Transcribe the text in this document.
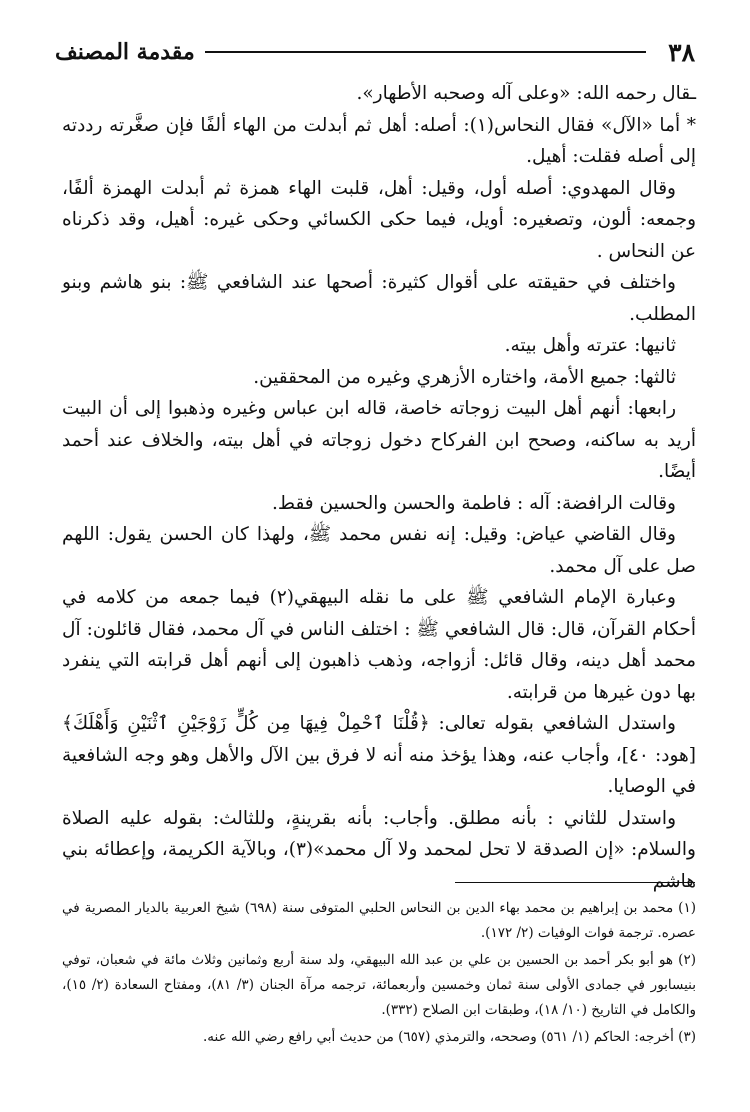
٣٨
مقدمة المصنف

ـقال رحمه الله: «وعلى آله وصحبه الأطهار».

* أما «الآل» فقال النحاس(١): أصله: أهل ثم أبدلت من الهاء ألفًا فإن صغَّرته رددته إلى أصله فقلت: أهيل.

وقال المهدوي: أصله أول، وقيل: أهل، قلبت الهاء همزة ثم أبدلت الهمزة ألفًا، وجمعه: ألون، وتصغيره: أويل، فيما حكى الكسائي وحكى غيره: أهيل، وقد ذكرناه عن النحاس .

واختلف في حقيقته على أقوال كثيرة: أصحها عند الشافعي ﷺ: بنو هاشم وبنو المطلب.

ثانيها: عترته وأهل بيته.

ثالثها: جميع الأمة، واختاره الأزهري وغيره من المحققين.

رابعها: أنهم أهل البيت زوجاته خاصة، قاله ابن عباس وغيره وذهبوا إلى أن البيت أريد به ساكنه، وصحح ابن الفركاح دخول زوجاته في أهل بيته، والخلاف عند أحمد أيضًا.

وقالت الرافضة: آله : فاطمة والحسن والحسين فقط.

وقال القاضي عياض: وقيل: إنه نفس محمد ﷺ، ولهذا كان الحسن يقول: اللهم صل على آل محمد.

وعبارة الإمام الشافعي ﷺ على ما نقله البيهقي(٢) فيما جمعه من كلامه في أحكام القرآن، قال: قال الشافعي ﷺ : اختلف الناس في آل محمد، فقال قائلون: آل محمد أهل دينه، وقال قائل: أزواجه، وذهب ذاهبون إلى أنهم أهل قرابته التي ينفرد بها دون غيرها من قرابته.

واستدل الشافعي بقوله تعالى: ﴿قُلْنَا ٱحْمِلْ فِيهَا مِن كُلٍّ زَوْجَيْنِ ٱثْنَيْنِ وَأَهْلَكَ﴾ [هود: ٤٠]، وأجاب عنه، وهذا يؤخذ منه أنه لا فرق بين الآل والأهل وهو وجه الشافعية في الوصايا.

واستدل للثاني : بأنه مطلق. وأجاب: بأنه بقرينةٍ، وللثالث: بقوله عليه الصلاة والسلام: «إن الصدقة لا تحل لمحمد ولا آل محمد»(٣)، وبالآية الكريمة، وإعطائه بني هاشم

(١) محمد بن إبراهيم بن محمد بهاء الدين بن النحاس الحلبي المتوفى سنة (٦٩٨) شيخ العربية بالديار المصرية في عصره. ترجمة فوات الوفيات (٢/ ١٧٢).

(٢) هو أبو بكر أحمد بن الحسين بن علي بن عبد الله البيهقي، ولد سنة أربع وثمانين وثلاث مائة في شعبان، توفي بنيسابور في جمادى الأولى سنة ثمان وخمسين وأربعمائة، ترجمه مرآة الجنان (٣/ ٨١)، ومفتاح السعادة (٢/ ١٥)، والكامل في التاريخ (١٠/ ١٨)، وطبقات ابن الصلاح (٣٣٢).

(٣) أخرجه: الحاكم (١/ ٥٦١) وصححه، والترمذي (٦٥٧) من حديث أبي رافع رضي الله عنه.
